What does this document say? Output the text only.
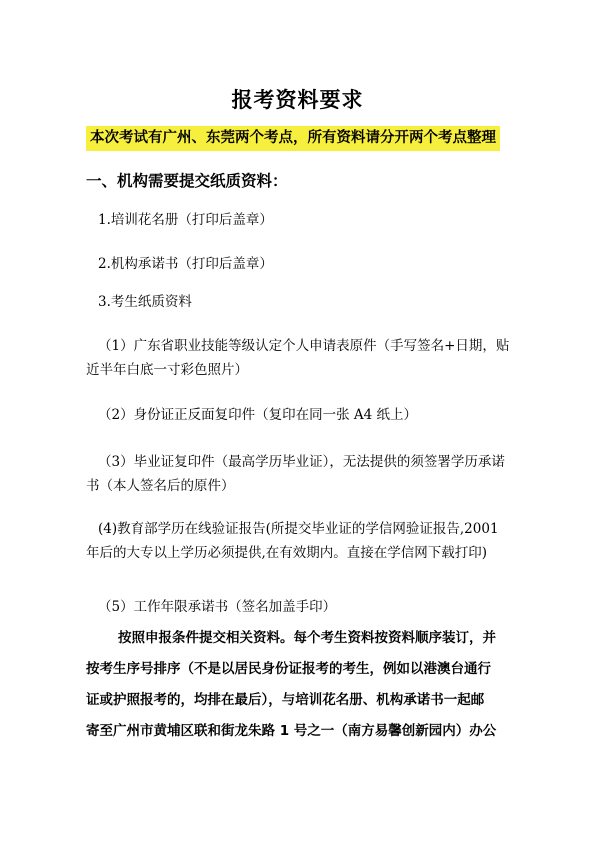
报考资料要求
本次考试有广州、东莞两个考点，所有资料请分开两个考点整理
一、机构需要提交纸质资料：
1.培训花名册（打印后盖章）
2.机构承诺书（打印后盖章）
3.考生纸质资料
（1）广东省职业技能等级认定个人申请表原件（手写签名+日期，贴
近半年白底一寸彩色照片）
（2）身份证正反面复印件（复印在同一张 A4 纸上）
（3）毕业证复印件（最高学历毕业证），无法提供的须签署学历承诺
书（本人签名后的原件）
(4)教育部学历在线验证报告(所提交毕业证的学信网验证报告,2001
年后的大专以上学历必须提供,在有效期内。直接在学信网下载打印)
（5）工作年限承诺书（签名加盖手印）
按照申报条件提交相关资料。每个考生资料按资料顺序装订，并
按考生序号排序（不是以居民身份证报考的考生，例如以港澳台通行
证或护照报考的，均排在最后），与培训花名册、机构承诺书一起邮
寄至广州市黄埔区联和街龙朱路 1 号之一（南方易馨创新园内）办公
